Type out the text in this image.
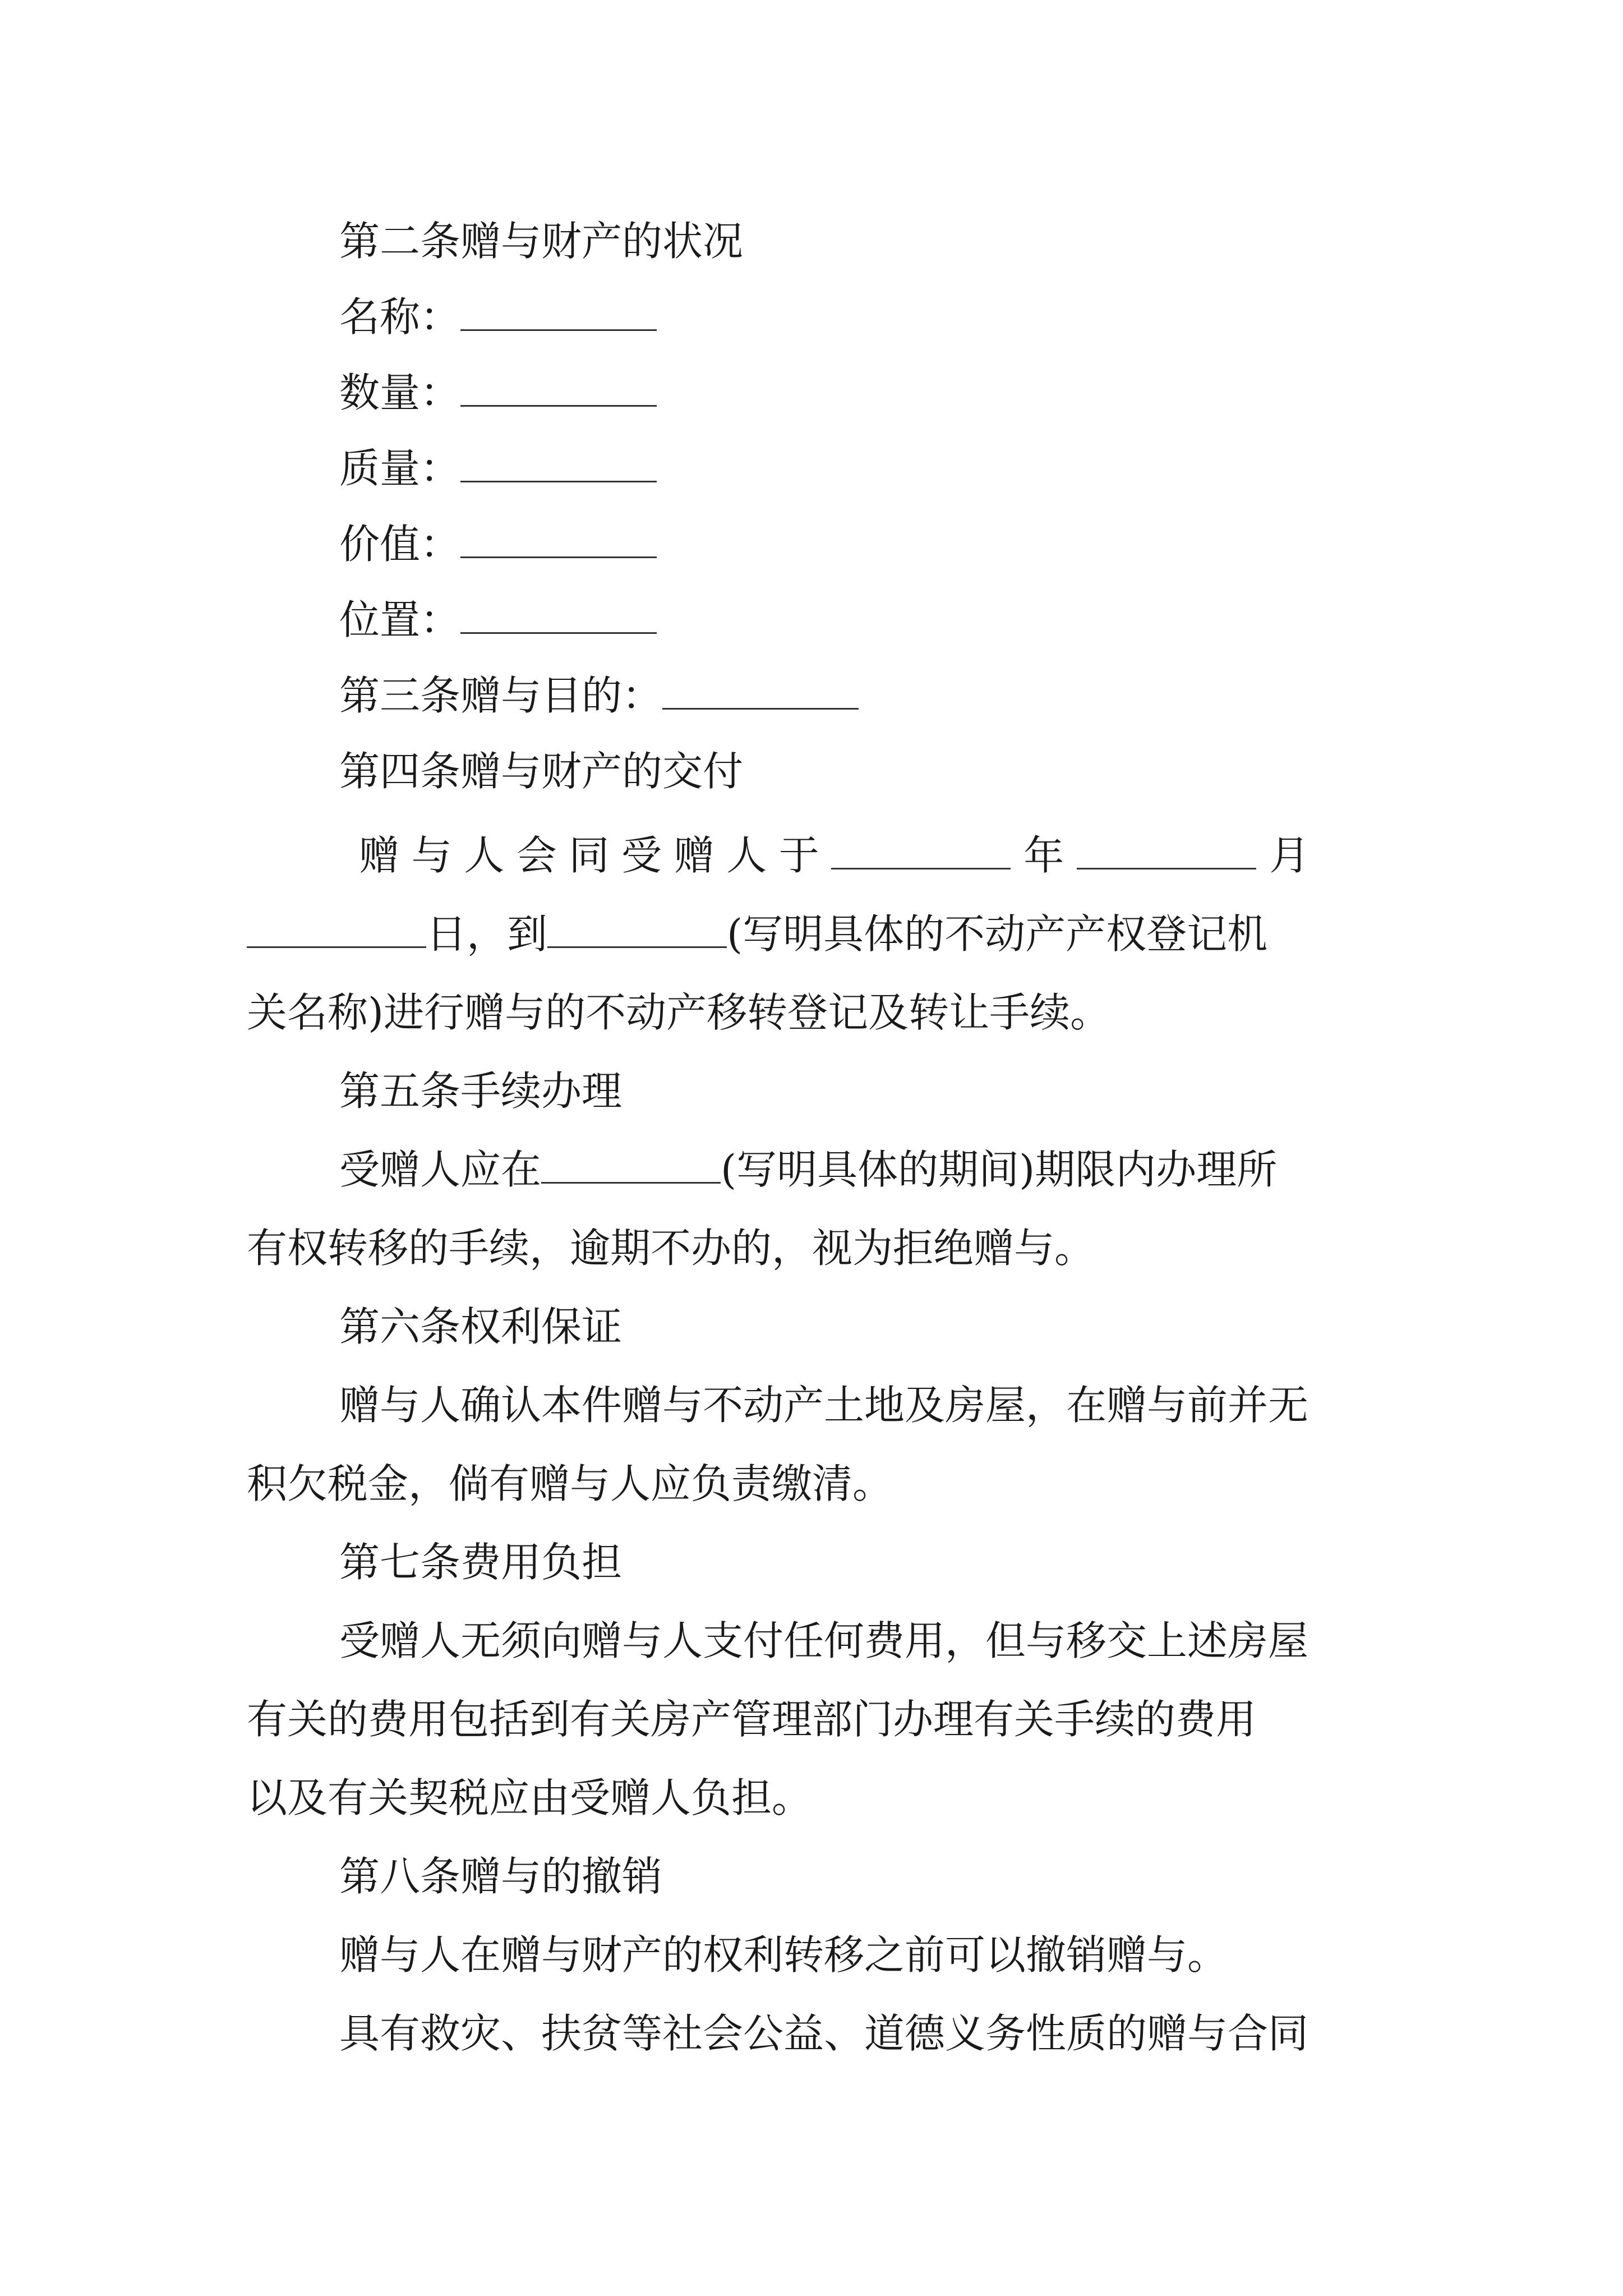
第二条赠与财产的状况
名称：
数量：
质量：
价值：
位置：
第三条赠与目的：
第四条赠与财产的交付
赠与人会同受赠人于	年	月
日，到	(写明具体的不动产产权登记机
关名称)进行赠与的不动产移转登记及转让手续。
第五条手续办理
受赠人应在	(写明具体的期间)期限内办理所
有权转移的手续，逾期不办的，视为拒绝赠与。
第六条权利保证
赠与人确认本件赠与不动产土地及房屋，在赠与前并无
积欠税金，倘有赠与人应负责缴清。
第七条费用负担
受赠人无须向赠与人支付任何费用，但与移交上述房屋
有关的费用包括到有关房产管理部门办理有关手续的费用
以及有关契税应由受赠人负担。
第八条赠与的撤销
赠与人在赠与财产的权利转移之前可以撤销赠与。
具有救灾、扶贫等社会公益、道德义务性质的赠与合同
